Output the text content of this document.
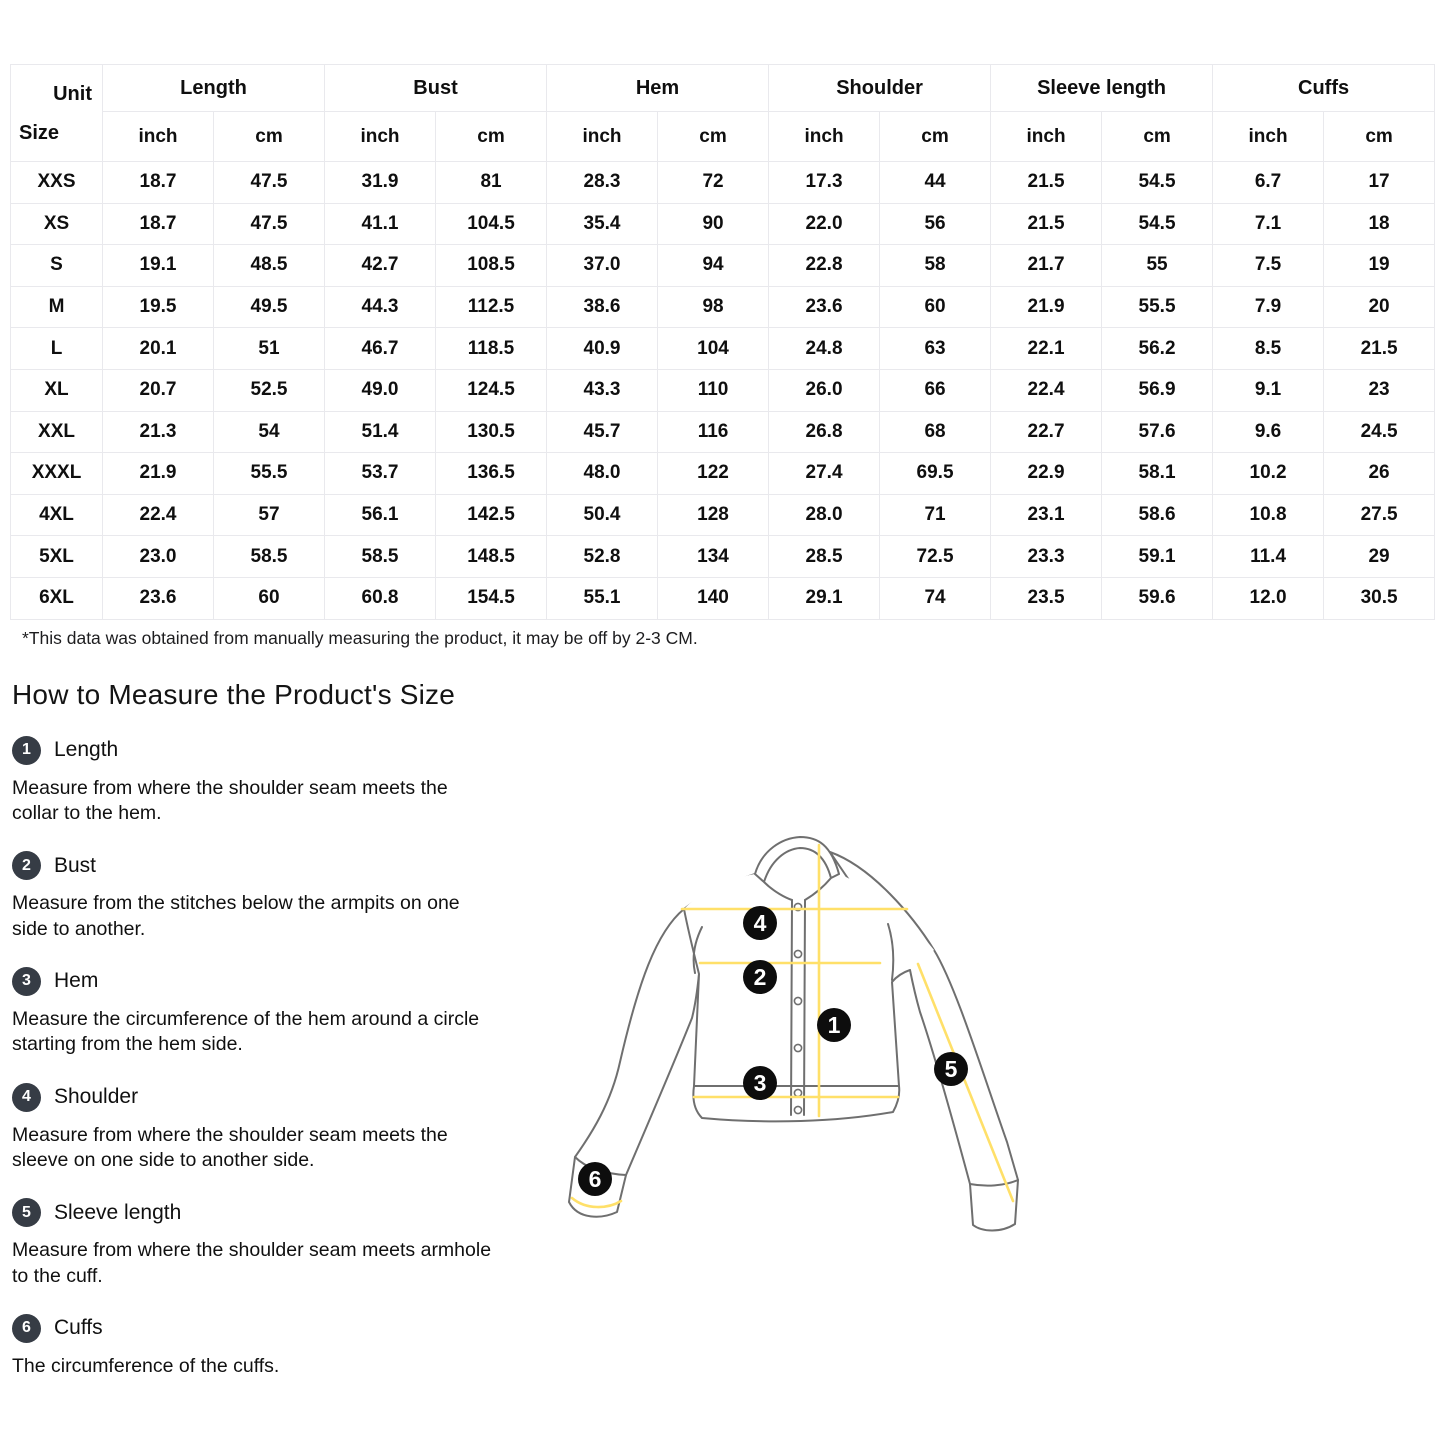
Unit
Size	Length		Bust		Hem		Shoulder		Sleeve length		Cuffs	
	inch	cm	inch	cm	inch	cm	inch	cm	inch	cm	inch	cm
XXS	18.7	47.5	31.9	81	28.3	72	17.3	44	21.5	54.5	6.7	17
XS	18.7	47.5	41.1	104.5	35.4	90	22.0	56	21.5	54.5	7.1	18
S	19.1	48.5	42.7	108.5	37.0	94	22.8	58	21.7	55	7.5	19
M	19.5	49.5	44.3	112.5	38.6	98	23.6	60	21.9	55.5	7.9	20
L	20.1	51	46.7	118.5	40.9	104	24.8	63	22.1	56.2	8.5	21.5
XL	20.7	52.5	49.0	124.5	43.3	110	26.0	66	22.4	56.9	9.1	23
XXL	21.3	54	51.4	130.5	45.7	116	26.8	68	22.7	57.6	9.6	24.5
XXXL	21.9	55.5	53.7	136.5	48.0	122	27.4	69.5	22.9	58.1	10.2	26
4XL	22.4	57	56.1	142.5	50.4	128	28.0	71	23.1	58.6	10.8	27.5
5XL	23.0	58.5	58.5	148.5	52.8	134	28.5	72.5	23.3	59.1	11.4	29
6XL	23.6	60	60.8	154.5	55.1	140	29.1	74	23.5	59.6	12.0	30.5

*This data was obtained from manually measuring the product, it may be off by 2-3 CM.

How to Measure the Product's Size
1	Length

Measure from where the shoulder seam meets the collar to the hem.

2	Bust

Measure from the stitches below the armpits on one side to another.

3	Hem

Measure the circumference of the hem around a circle starting from the hem side.

4	Shoulder

Measure from where the shoulder seam meets the sleeve on one side to another side.

5	Sleeve length

Measure from where the shoulder seam meets armhole to the cuff.

6	Cuffs

The circumference of the cuffs.

1
2
3
4
5
6
